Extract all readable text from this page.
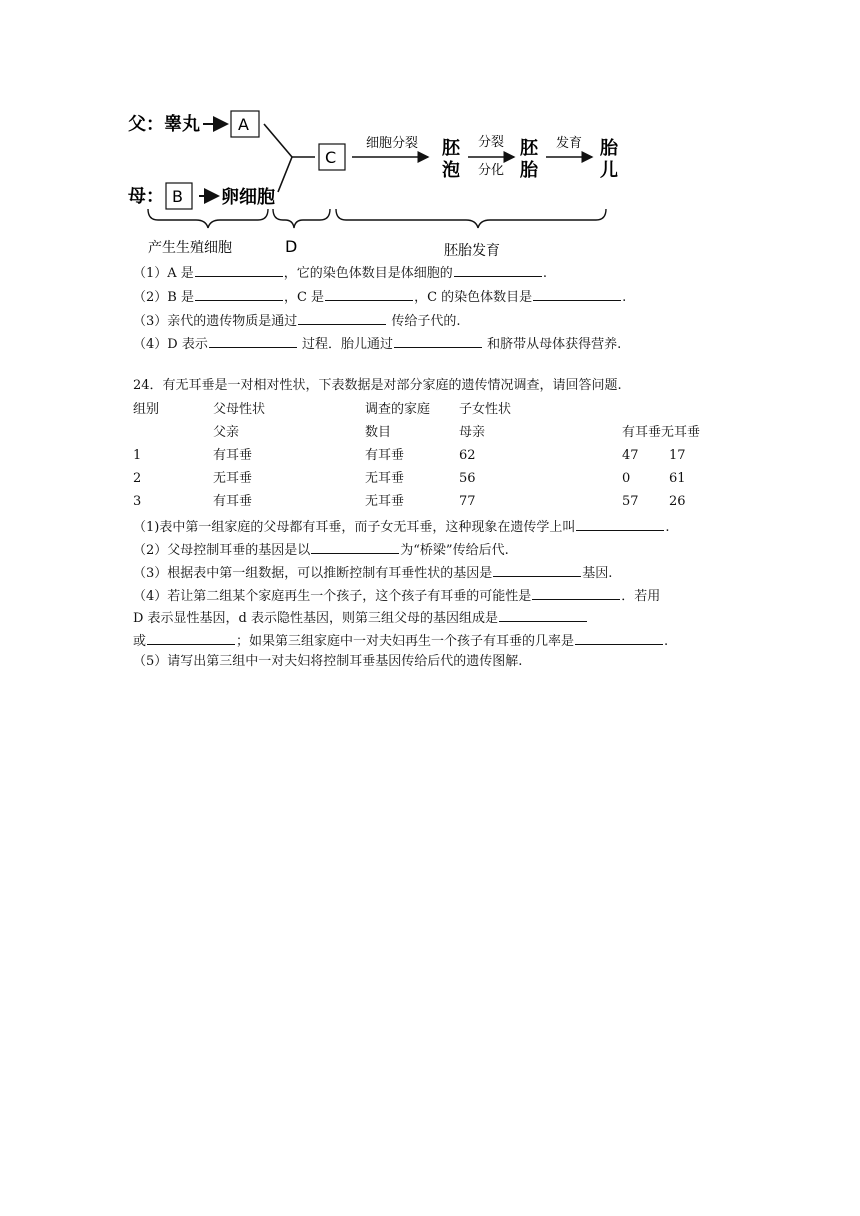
父：睾丸 A
母： B 卵细胞
C
细胞分裂 胚
泡
分裂
分化
胚
胎
发育 胎
儿
产生生殖细胞	D	胚胎发育
（1）A 是	，它的染色体数目是体细胞的	.
（2）B 是	，C 是	，C 的染色体数目是	.
（3）亲代的遗传物质是通过	传给子代的.
（4）D 表示	过程．胎儿通过	和脐带从母体获得营养.
24．有无耳垂是一对相对性状，下表数据是对部分家庭的遗传情况调查，请回答问题.
组别	父母性状	调查的家庭 子女性状
父亲	数目	母亲	有耳垂 无耳垂
1	有耳垂	有耳垂	62	47 17
2	无耳垂	无耳垂	56	0	61
3	有耳垂	无耳垂	77	57 26
（1)表中第一组家庭的父母都有耳垂，而子女无耳垂，这种现象在遗传学上叫	.
（2）父母控制耳垂的基因是以	为“桥梁”传给后代.
（3）根据表中第一组数据，可以推断控制有耳垂性状的基因是	基因.
（4）若让第二组某个家庭再生一个孩子，这个孩子有耳垂的可能性是	．若用
D 表示显性基因，d 表示隐性基因，则第三组父母的基因组成是
或	；如果第三组家庭中一对夫妇再生一个孩子有耳垂的几率是	.
（5）请写出第三组中一对夫妇将控制耳垂基因传给后代的遗传图解.
